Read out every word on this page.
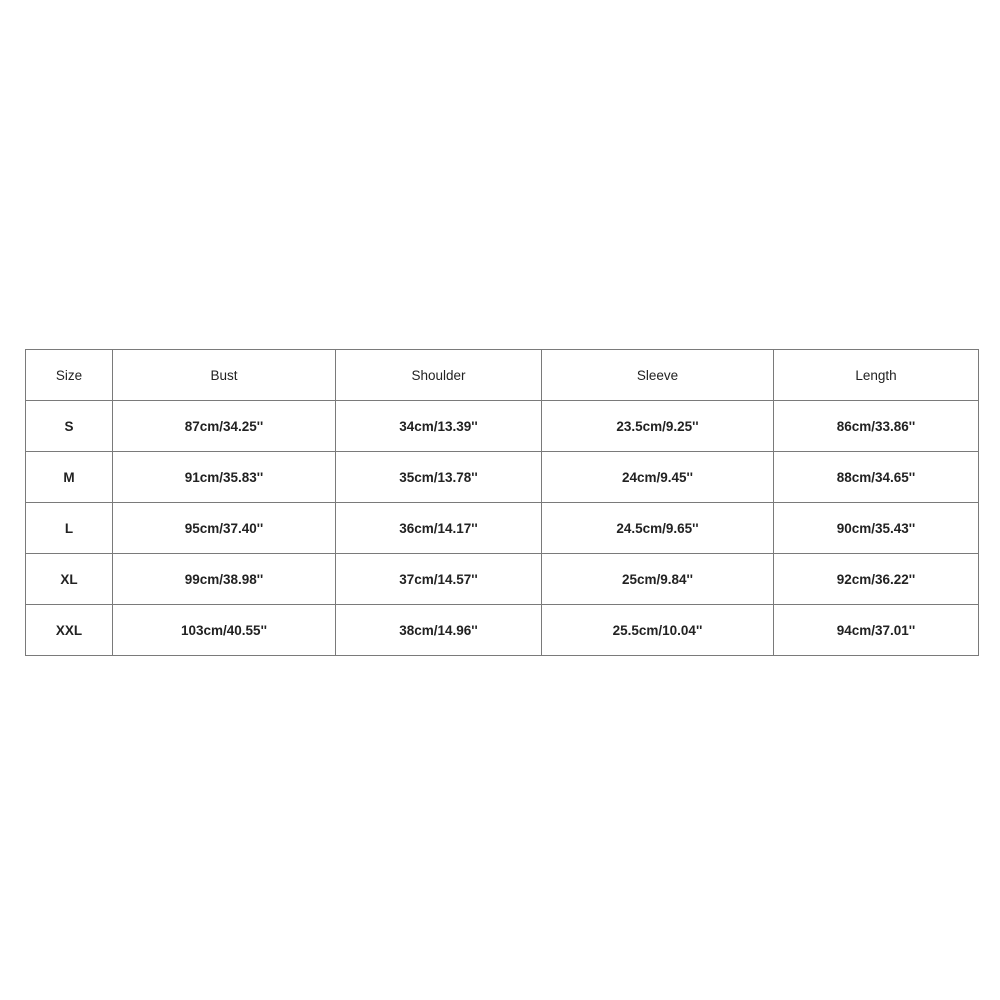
Size	Bust	Shoulder	Sleeve	Length
S	87cm/34.25''	34cm/13.39''	23.5cm/9.25''	86cm/33.86''
M	91cm/35.83''	35cm/13.78''	24cm/9.45''	88cm/34.65''
L	95cm/37.40''	36cm/14.17''	24.5cm/9.65''	90cm/35.43''
XL	99cm/38.98''	37cm/14.57''	25cm/9.84''	92cm/36.22''
XXL	103cm/40.55''	38cm/14.96''	25.5cm/10.04''	94cm/37.01''
